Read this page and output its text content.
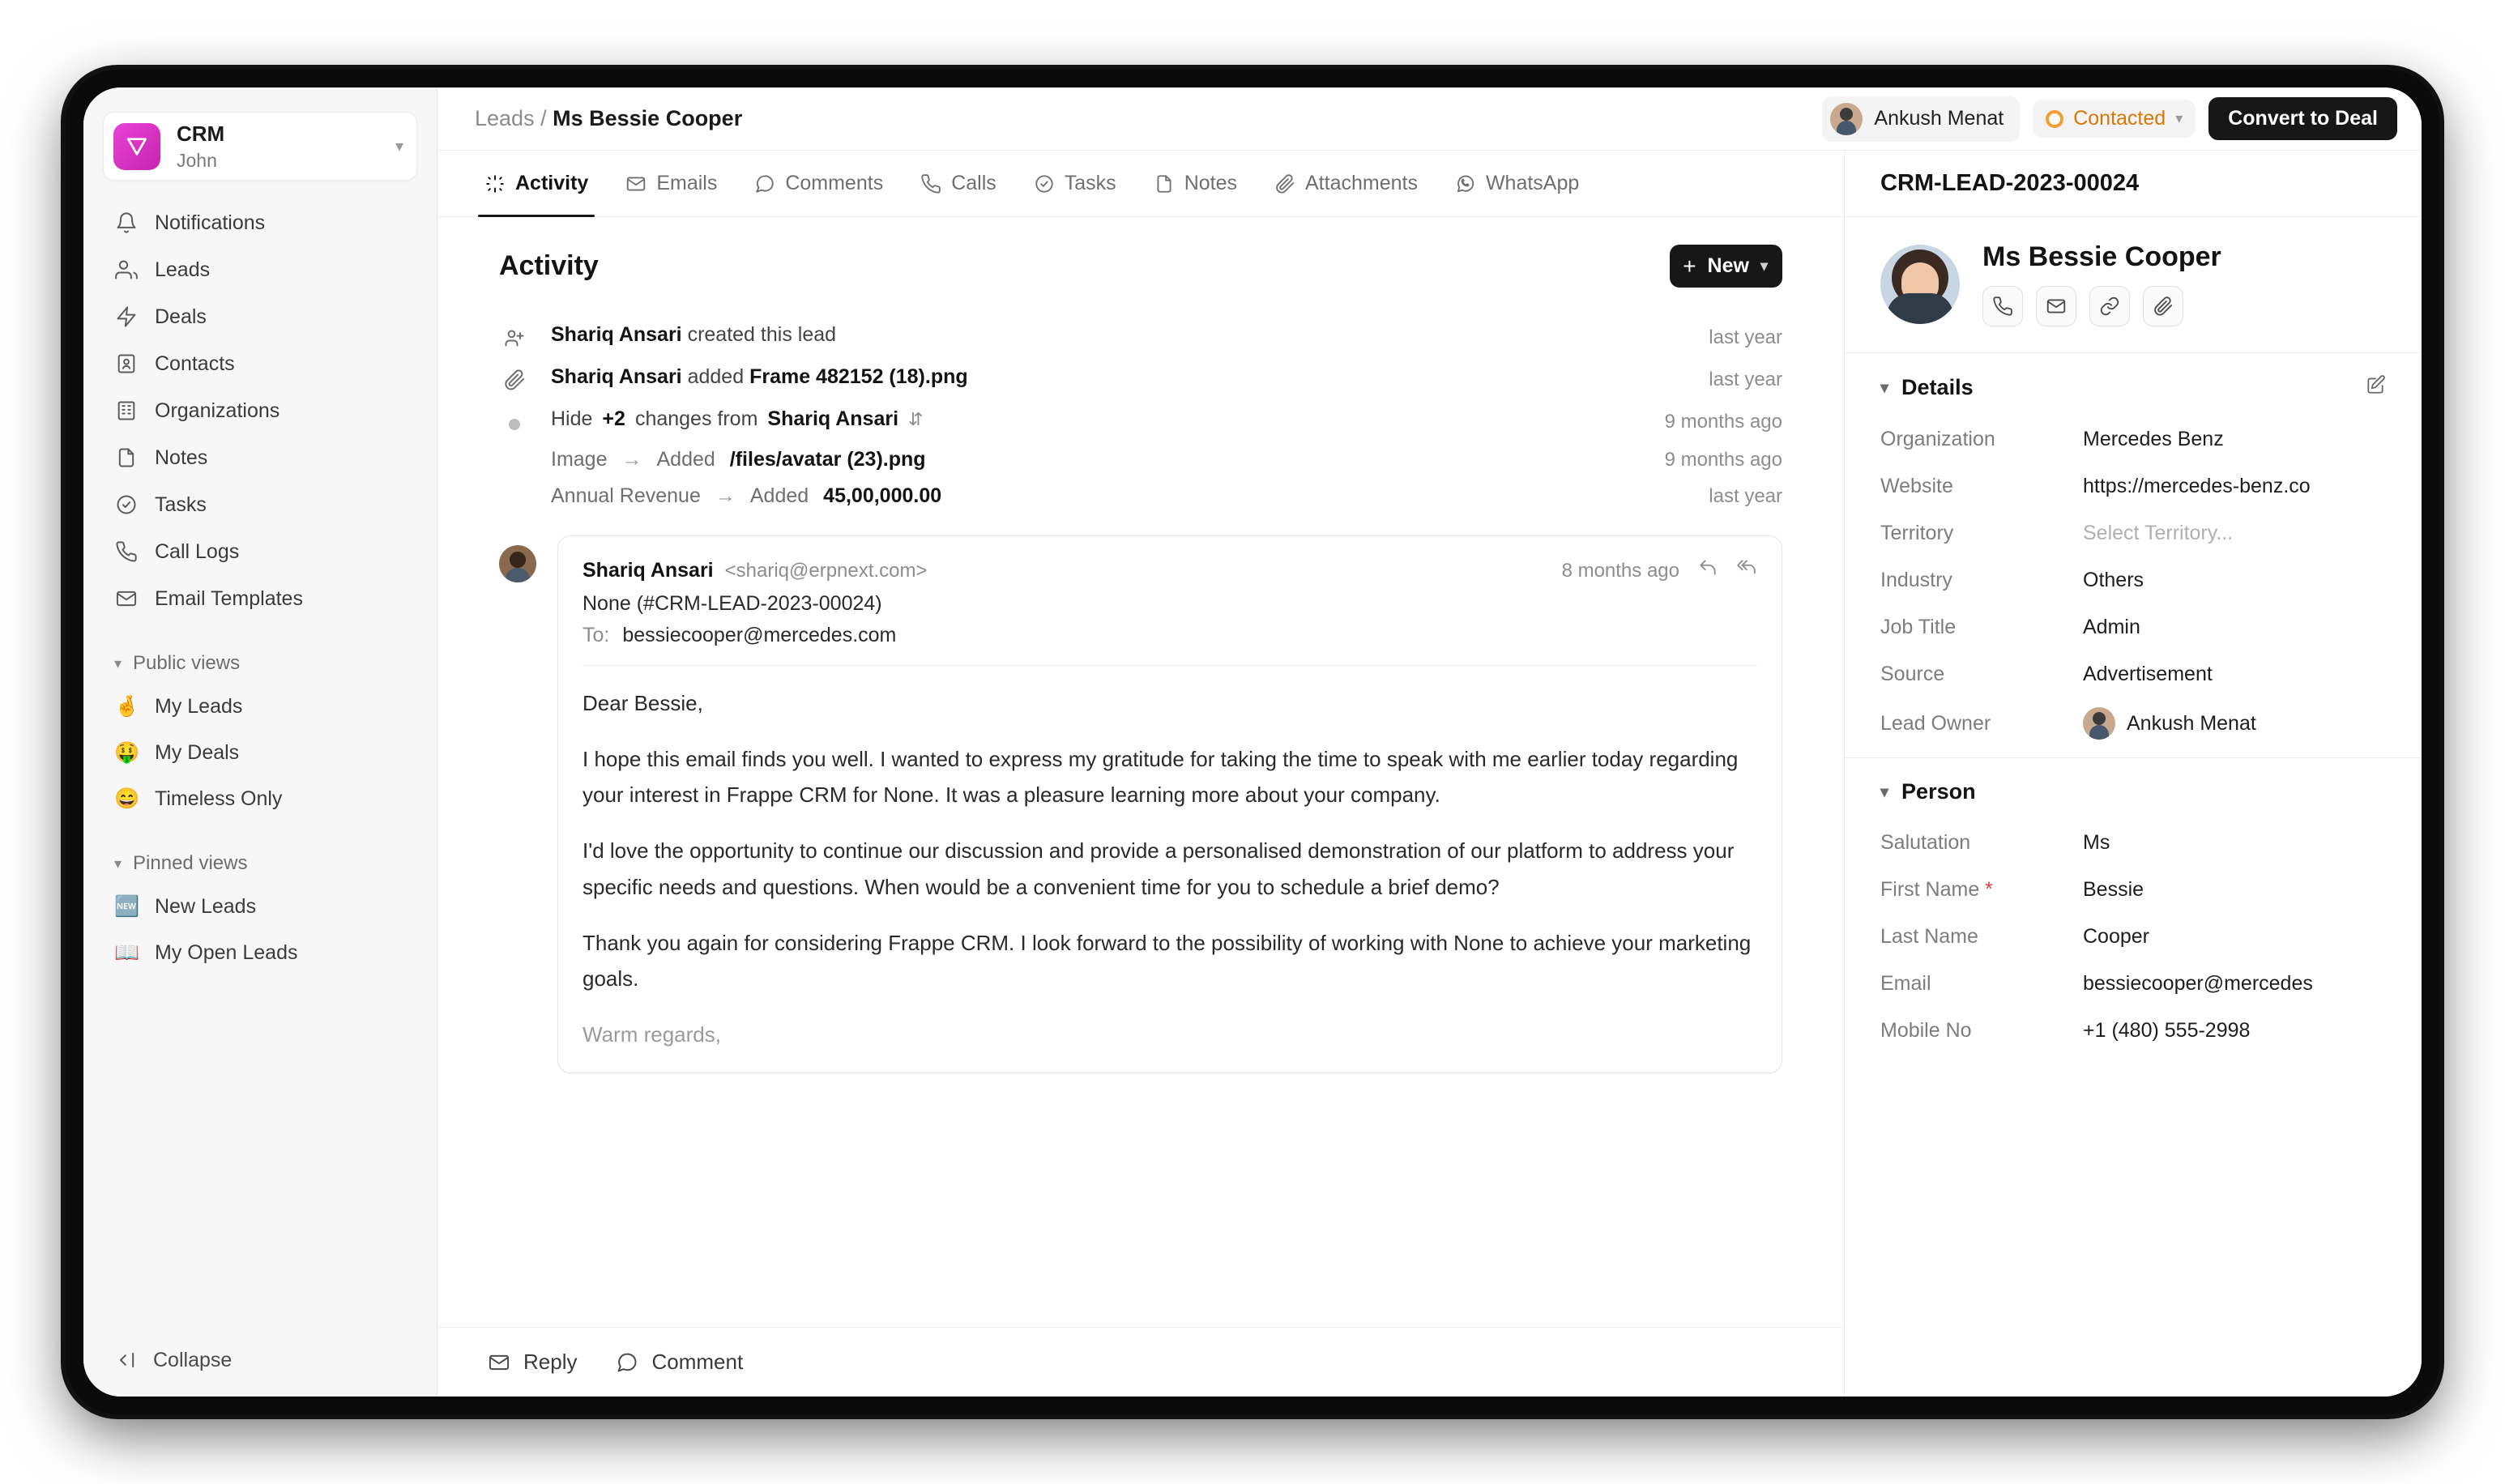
CRM
John
▾
Notifications
Leads
Deals
Contacts
Organizations
Notes
Tasks
Call Logs
Email Templates
▾ Public views
🤞 My Leads
🤑 My Deals
😄 Timeless Only
▾ Pinned views
🆕 New Leads
📖 My Open Leads
Collapse
Leads / Ms Bessie Cooper	Ankush Menat	Contacted ▾	Convert to Deal
Activity	Emails	Comments	Calls	Tasks	Notes	Attachments	WhatsApp
Activity	+ New ▾
Shariq Ansari created this lead	last year
Shariq Ansari added Frame 482152 (18).png	last year
Hide +2 changes from Shariq Ansari ⇵	9 months ago
Image → Added /files/avatar (23).png	9 months ago
Annual Revenue → Added 45,00,000.00	last year
Shariq Ansari <shariq@erpnext.com>	8 months ago
None (#CRM-LEAD-2023-00024)
To: bessiecooper@mercedes.com

Dear Bessie,

I hope this email finds you well. I wanted to express my gratitude for taking the time to speak with me earlier today regarding your interest in Frappe CRM for None. It was a pleasure learning more about your company.

I'd love the opportunity to continue our discussion and provide a personalised demonstration of our platform to address your specific needs and questions. When would be a convenient time for you to schedule a brief demo?

Thank you again for considering Frappe CRM. I look forward to the possibility of working with None to achieve your marketing goals.

Warm regards,

Reply	Comment
CRM-LEAD-2023-00024
Ms Bessie Cooper
▾ Details
Organization	Mercedes Benz
Website	https://mercedes-benz.co
Territory	Select Territory...
Industry	Others
Job Title	Admin
Source	Advertisement
Lead Owner	Ankush Menat
▾ Person
Salutation	Ms
First Name *	Bessie
Last Name	Cooper
Email	bessiecooper@mercedes
Mobile No	+1 (480) 555-2998
